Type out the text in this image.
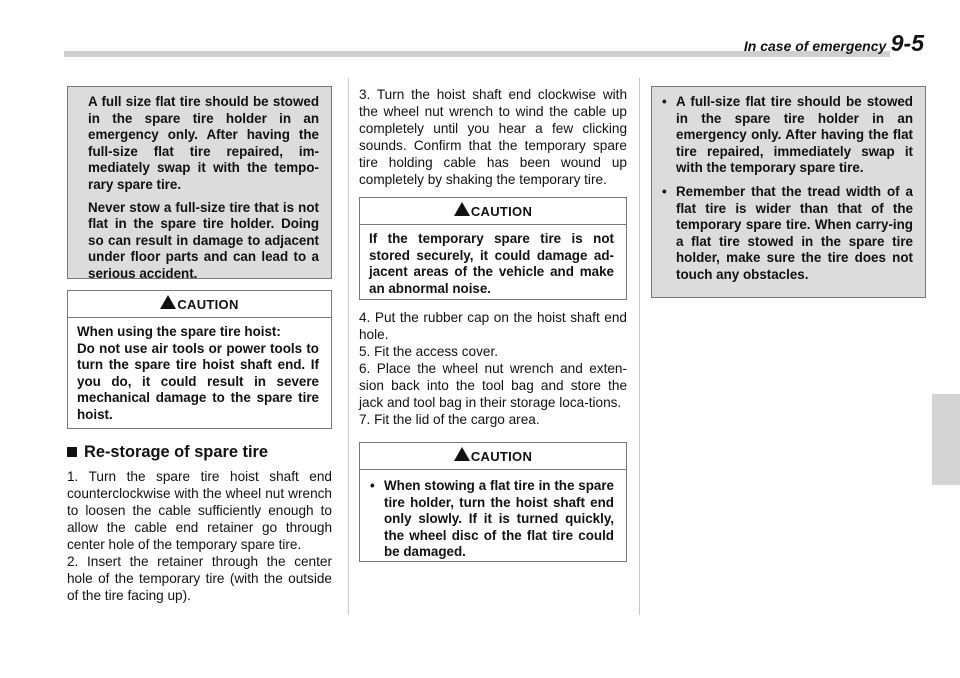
In case of emergency 9-5

A full size flat tire should be stowed in the spare tire holder in an emergency only. After having the full-size flat tire repaired, im-mediately swap it with the tempo-rary spare tire.

Never stow a full-size tire that is not flat in the spare tire holder. Doing so can result in damage to adjacent under floor parts and can lead to a serious accident.

CAUTION

When using the spare tire hoist:

Do not use air tools or power tools to turn the spare tire hoist shaft end. If you do, it could result in severe mechanical damage to the spare tire hoist.

Re-storage of spare tire

1. Turn the spare tire hoist shaft end counterclockwise with the wheel nut wrench to loosen the cable sufficiently enough to allow the cable end retainer go through center hole of the temporary spare tire.
2. Insert the retainer through the center hole of the temporary tire (with the outside of the tire facing up).

3. Turn the hoist shaft end clockwise with the wheel nut wrench to wind the cable up completely until you hear a few clicking sounds. Confirm that the temporary spare tire holding cable has been wound up completely by shaking the temporary tire.

CAUTION

If the temporary spare tire is not stored securely, it could damage ad-jacent areas of the vehicle and make an abnormal noise.

4. Put the rubber cap on the hoist shaft end hole.
5. Fit the access cover.
6. Place the wheel nut wrench and exten-sion back into the tool bag and store the jack and tool bag in their storage loca-tions.
7. Fit the lid of the cargo area.

CAUTION
• When stowing a flat tire in the spare tire holder, turn the hoist shaft end only slowly. If it is turned quickly, the wheel disc of the flat tire could be damaged.
• A full-size flat tire should be stowed in the spare tire holder in an emergency only. After having the flat tire repaired, immediately swap it with the temporary spare tire.
• Remember that the tread width of a flat tire is wider than that of the temporary spare tire. When carry-ing a flat tire stowed in the spare tire holder, make sure the tire does not touch any obstacles.
